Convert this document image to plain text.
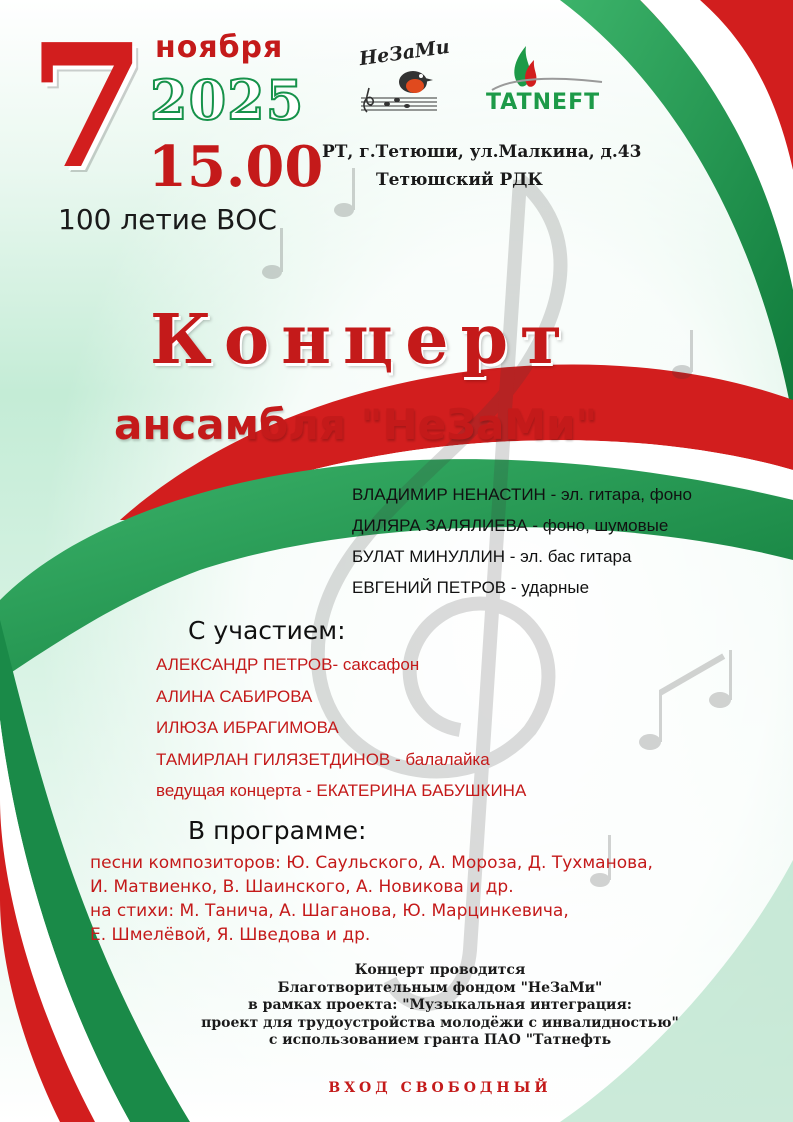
7 ноября
2025
15.00
100 летие ВОС
НеЗаМи
TATNEFT
РТ, г.Тетюши, ул.Малкина, д.43
Тетюшский РДК
Концерт
ансамбля "НеЗаМи"
ВЛАДИМИР НЕНАСТИН - эл. гитара, фоно
ДИЛЯРА ЗАЛЯЛИЕВА - фоно, шумовые
БУЛАТ МИНУЛЛИН - эл. бас гитара
ЕВГЕНИЙ ПЕТРОВ - ударные
С участием:
АЛЕКСАНДР ПЕТРОВ- саксафон
АЛИНА САБИРОВА
ИЛЮЗА ИБРАГИМОВА
ТАМИРЛАН ГИЛЯЗЕТДИНОВ - балалайка
ведущая концерта - ЕКАТЕРИНА БАБУШКИНА
В программе:
песни композиторов: Ю. Саульского, А. Мороза, Д. Тухманова,
И. Матвиенко, В. Шаинского, А. Новикова и др.
на стихи: М. Танича, А. Шаганова, Ю. Марцинкевича,
Е. Шмелёвой, Я. Шведова и др.
Концерт проводится
Благотворительным фондом "НеЗаМи"
в рамках проекта: "Музыкальная интеграция:
проект для трудоустройства молодёжи с инвалидностью"
с использованием гранта ПАО "Татнефть
ВХОД СВОБОДНЫЙ
